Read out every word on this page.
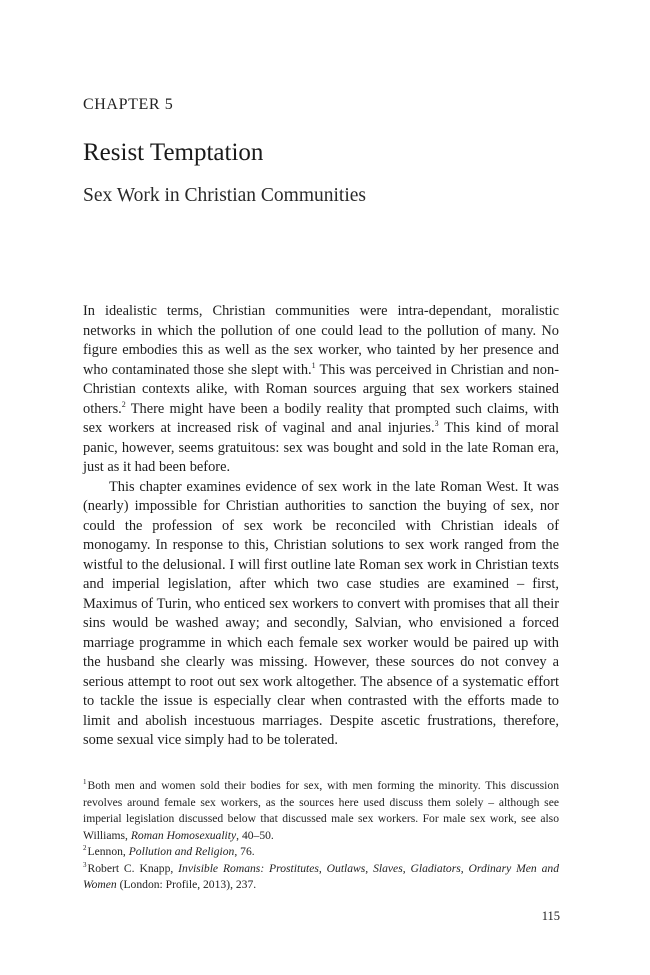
CHAPTER 5
Resist Temptation
Sex Work in Christian Communities

In idealistic terms, Christian communities were intra-dependant, moralistic networks in which the pollution of one could lead to the pollution of many. No figure embodies this as well as the sex worker, who tainted by her presence and who contaminated those she slept with.$^1$ This was perceived in Christian and non-Christian contexts alike, with Roman sources arguing that sex workers stained others.$^2$ There might have been a bodily reality that prompted such claims, with sex workers at increased risk of vaginal and anal injuries.$^3$ This kind of moral panic, however, seems gratuitous: sex was bought and sold in the late Roman era, just as it had been before.

This chapter examines evidence of sex work in the late Roman West. It was (nearly) impossible for Christian authorities to sanction the buying of sex, nor could the profession of sex work be reconciled with Christian ideals of monogamy. In response to this, Christian solutions to sex work ranged from the wistful to the delusional. I will first outline late Roman sex work in Christian texts and imperial legislation, after which two case studies are examined – first, Maximus of Turin, who enticed sex workers to convert with promises that all their sins would be washed away; and secondly, Salvian, who envisioned a forced marriage programme in which each female sex worker would be paired up with the husband she clearly was missing. However, these sources do not convey a serious attempt to root out sex work altogether. The absence of a systematic effort to tackle the issue is especially clear when contrasted with the efforts made to limit and abolish incestuous marriages. Despite ascetic frustrations, therefore, some sexual vice simply had to be tolerated.

$^1$Both men and women sold their bodies for sex, with men forming the minority. This discussion revolves around female sex workers, as the sources here used discuss them solely – although see imperial legislation discussed below that discussed male sex workers. For male sex work, see also Williams, Roman Homosexuality, 40–50.

$^2$Lennon, Pollution and Religion, 76.

$^3$Robert C. Knapp, Invisible Romans: Prostitutes, Outlaws, Slaves, Gladiators, Ordinary Men and Women (London: Profile, 2013), 237.

115
